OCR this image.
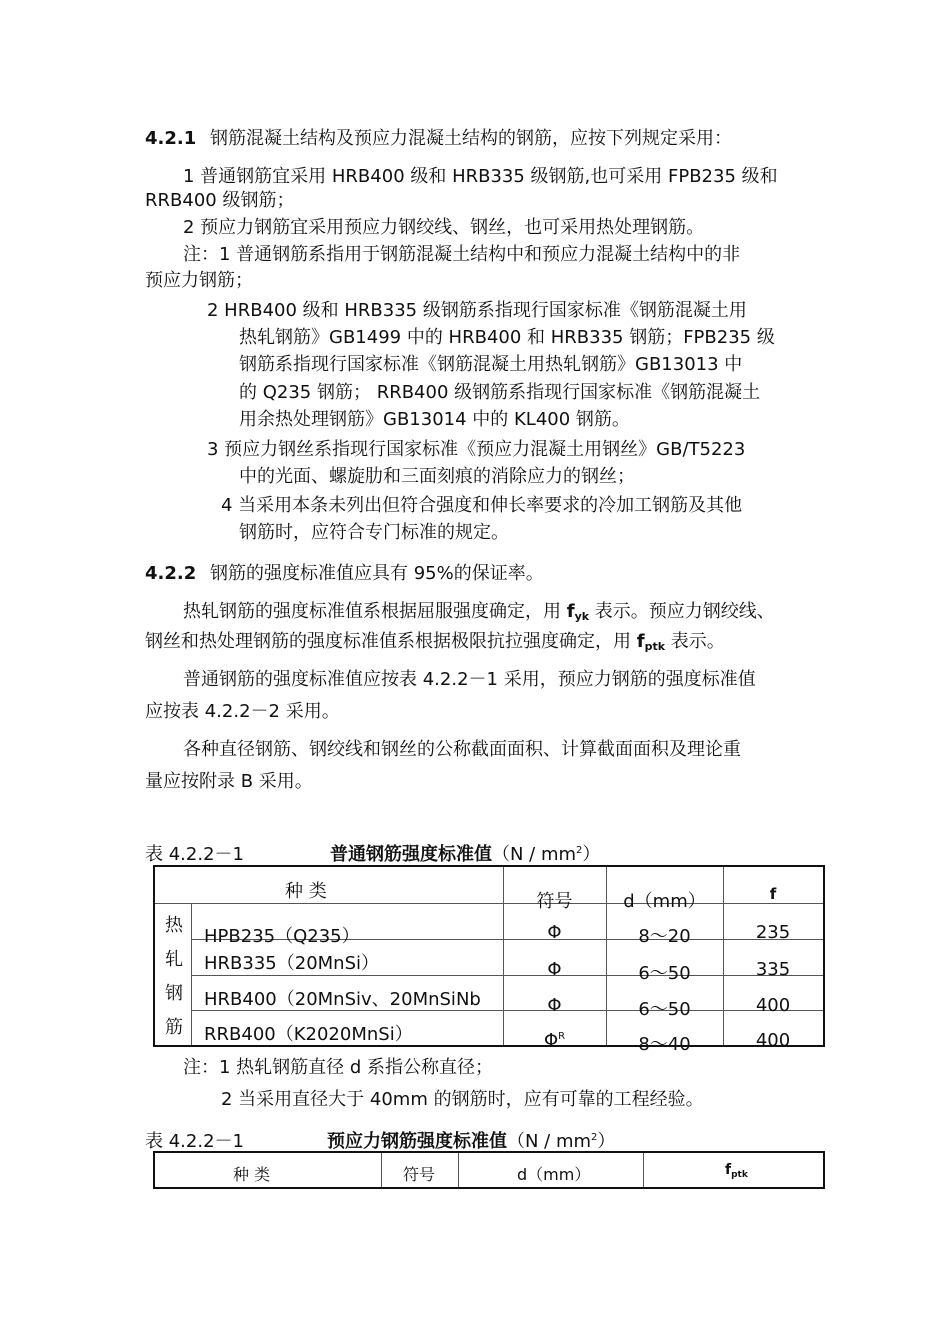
4.2.1 钢筋混凝土结构及预应力混凝土结构的钢筋，应按下列规定采用：
1 普通钢筋宜采用 HRB400 级和 HRB335 级钢筋,也可采用 FPB235 级和
RRB400 级钢筋；
2 预应力钢筋宜采用预应力钢绞线、钢丝，也可采用热处理钢筋。
注：1 普通钢筋系指用于钢筋混凝土结构中和预应力混凝土结构中的非
预应力钢筋；
2 HRB400 级和 HRB335 级钢筋系指现行国家标准《钢筋混凝土用
热轧钢筋》GB1499 中的 HRB400 和 HRB335 钢筋；FPB235 级
钢筋系指现行国家标准《钢筋混凝土用热轧钢筋》GB13013 中
的 Q235 钢筋； RRB400 级钢筋系指现行国家标准《钢筋混凝土
用余热处理钢筋》GB13014 中的 KL400 钢筋。
3 预应力钢丝系指现行国家标准《预应力混凝土用钢丝》GB/T5223
中的光面、螺旋肋和三面刻痕的消除应力的钢丝；
4 当采用本条未列出但符合强度和伸长率要求的冷加工钢筋及其他
钢筋时，应符合专门标准的规定。
4.2.2 钢筋的强度标准值应具有 95%的保证率。
热轧钢筋的强度标准值系根据屈服强度确定，用 $f_{yk}$ 表示。预应力钢绞线、
钢丝和热处理钢筋的强度标准值系根据极限抗拉强度确定，用 $f_{ptk}$ 表示。
普通钢筋的强度标准值应按表 4.2.2－1 采用，预应力钢筋的强度标准值
应按表 4.2.2－2 采用。
各种直径钢筋、钢绞线和钢丝的公称截面面积、计算截面面积及理论重
量应按附录 B 采用。
表 4.2.2－1	普通钢筋强度标准值$(N / mm^2)$
种 类	符号	d（mm）	f
热
轧
钢
筋
HPB235（Q235）	Φ	8～20	235
HRB335（20MnSi）	Φ	6～50	335
HRB400（20MnSiv、20MnSiNb	Φ	6～50	400
RRB400（K2020MnSi）	$\Phi^R$	8～40	400
注：1 热轧钢筋直径 d 系指公称直径；
2 当采用直径大于 40mm 的钢筋时，应有可靠的工程经验。
表 4.2.2－1	预应力钢筋强度标准值$(N / mm^2)$
种 类	符号	d（mm）	$f_{ptk}$
